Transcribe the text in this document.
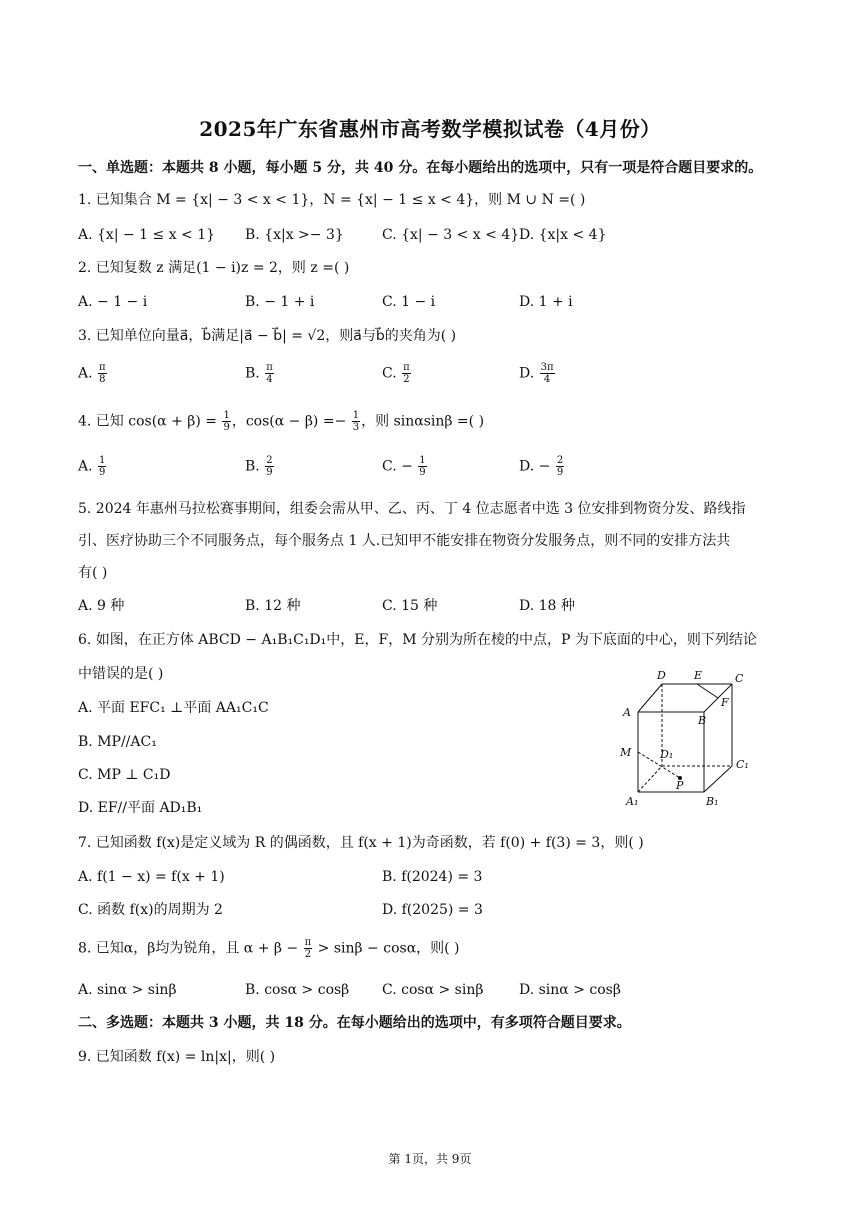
2025年广东省惠州市高考数学模拟试卷（4月份）
一、单选题：本题共 8 小题，每小题 5 分，共 40 分。在每小题给出的选项中，只有一项是符合题目要求的。
1. 已知集合 M = {x| − 3 < x < 1}，N = {x| − 1 ≤ x < 4}，则 M ∪ N =( )
A. {x| − 1 ≤ x < 1} B. {x|x >− 3}	C. {x| − 3 < x < 4} D. {x|x < 4}
2. 已知复数 z 满足(1 − i)z = 2，则 z =( )
A. − 1 − i	B. − 1 + i	C. 1 − i	D. 1 + i
3. 已知单位向量a⃗，b⃗满足|a⃗ − b⃗| = √2，则a⃗与b⃗的夹角为( )
A. $\frac{\pi}{8}$	B. $\frac{\pi}{4}$	C. $\frac{\pi}{2}$	D. $\frac{3\pi}{4}$
4. 已知 $\cos(\alpha + \beta) = \frac{1}{9}$ ，$\cos(\alpha - \beta) =- \frac{1}{3}$ ，则 sinαsinβ =( )
A. $\frac{1}{9}$	B. $\frac{2}{9}$	C. − $\frac{1}{9}$	D. − $\frac{2}{9}$
5. 2024 年惠州马拉松赛事期间，组委会需从甲、乙、丙、丁 4 位志愿者中选 3 位安排到物资分发、路线指
引、医疗协助三个不同服务点，每个服务点 1 人.已知甲不能安排在物资分发服务点，则不同的安排方法共
有( )
A. 9 种	B. 12 种	C. 15 种	D. 18 种
6. 如图，在正方体 ABCD − A₁B₁C₁D₁中，E，F，M 分别为所在棱的中点，P 为下底面的中心，则下列结论
中错误的是( )
A. 平面 EFC₁ ⊥平面 AA₁C₁C
B. MP//AC₁
C. MP ⊥ C₁D
D. EF//平面 AD₁B₁
D	E	C
A
F
B
M	D₁
C₁
P
A₁	B₁
7. 已知函数 f(x)是定义域为 R 的偶函数，且 f(x + 1)为奇函数，若 f(0) + f(3) = 3，则( )
A. f(1 − x) = f(x + 1)	B. f(2024) = 3
C. 函数 f(x)的周期为 2	D. f(2025) = 3
8. 已知α，β均为锐角，且 $\alpha + \beta - \frac{\pi}{2} > \sin\beta - \cos\alpha$，则( )
A. sinα > sinβ	B. cosα > cosβ C. cosα > sinβ	D. sinα > cosβ
二、多选题：本题共 3 小题，共 18 分。在每小题给出的选项中，有多项符合题目要求。
9. 已知函数 f(x) = ln|x|，则( )
第 1页，共 9页
